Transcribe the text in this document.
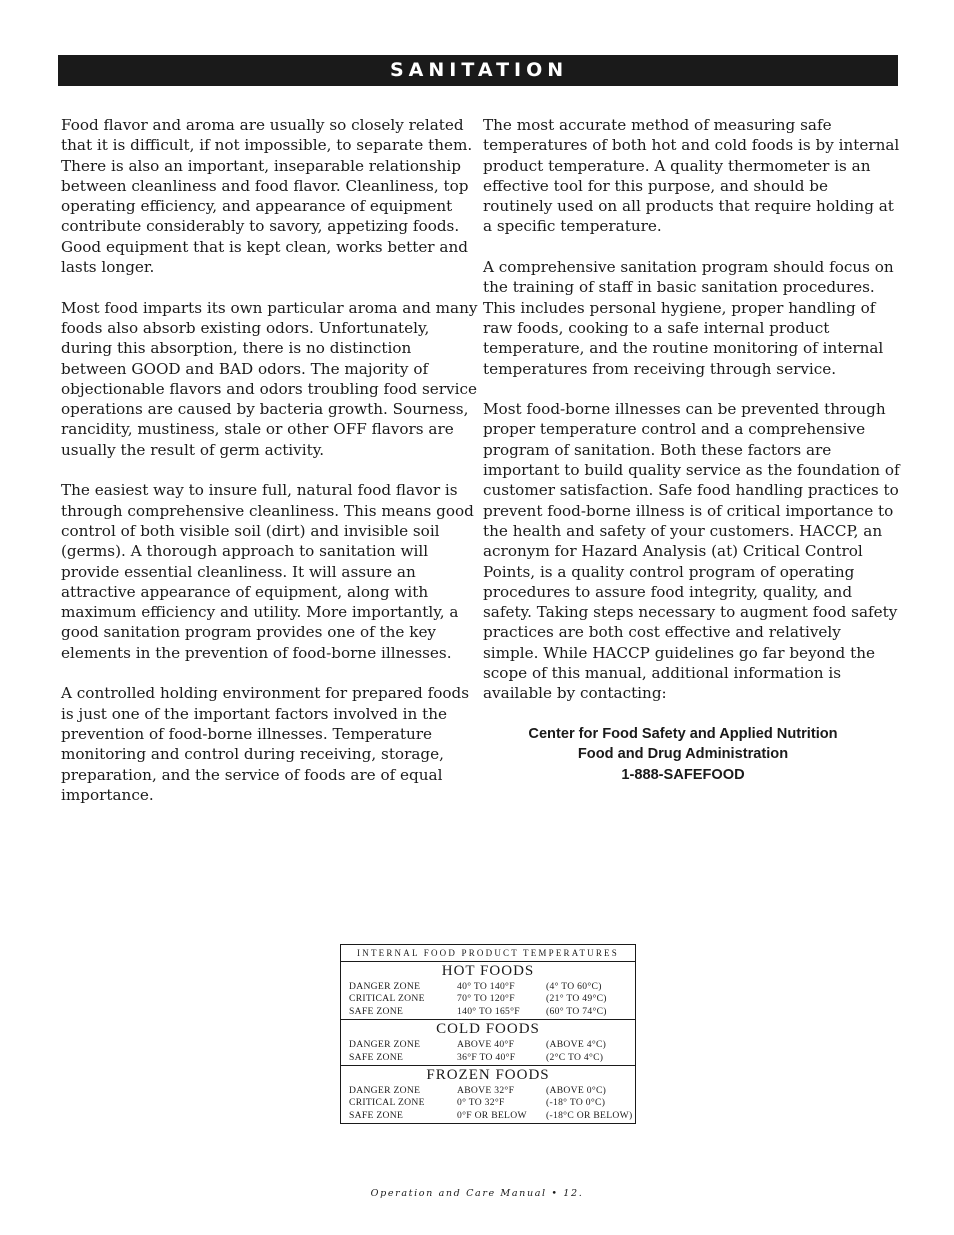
SANITATION

Food flavor and aroma are usually so closely related that it is difficult, if not impossible, to separate them. There is also an important, inseparable relationship between cleanliness and food flavor. Cleanliness, top operating efficiency, and appearance of equipment contribute considerably to savory, appetizing foods. Good equipment that is kept clean, works better and lasts longer.

Most food imparts its own particular aroma and many foods also absorb existing odors. Unfortunately, during this absorption, there is no distinction between GOOD and BAD odors. The majority of objectionable flavors and odors troubling food service operations are caused by bacteria growth. Sourness, rancidity, mustiness, stale or other OFF flavors are usually the result of germ activity.

The easiest way to insure full, natural food flavor is through comprehensive cleanliness. This means good control of both visible soil (dirt) and invisible soil (germs). A thorough approach to sanitation will provide essential cleanliness. It will assure an attractive appearance of equipment, along with maximum efficiency and utility. More importantly, a good sanitation program provides one of the key elements in the prevention of food-borne illnesses.

A controlled holding environment for prepared foods is just one of the important factors involved in the prevention of food-borne illnesses. Temperature monitoring and control during receiving, storage, preparation, and the service of foods are of equal importance.

The most accurate method of measuring safe temperatures of both hot and cold foods is by internal product temperature. A quality thermometer is an effective tool for this purpose, and should be routinely used on all products that require holding at a specific temperature.

A comprehensive sanitation program should focus on the training of staff in basic sanitation procedures. This includes personal hygiene, proper handling of raw foods, cooking to a safe internal product temperature, and the routine monitoring of internal temperatures from receiving through service.

Most food-borne illnesses can be prevented through proper temperature control and a comprehensive program of sanitation. Both these factors are important to build quality service as the foundation of customer satisfaction. Safe food handling practices to prevent food-borne illness is of critical importance to the health and safety of your customers. HACCP, an acronym for Hazard Analysis (at) Critical Control Points, is a quality control program of operating procedures to assure food integrity, quality, and safety. Taking steps necessary to augment food safety practices are both cost effective and relatively simple. While HACCP guidelines go far beyond the scope of this manual, additional information is available by contacting:

Center for Food Safety and Applied Nutrition
Food and Drug Administration
1-888-SAFEFOOD
INTERNAL FOOD PRODUCT TEMPERATURES
HOT FOODS
DANGER ZONE	40° TO 140°F	(4° TO 60°C)
CRITICAL ZONE	70° TO 120°F	(21° TO 49°C)
SAFE ZONE	140° TO 165°F	(60° TO 74°C)
COLD FOODS
DANGER ZONE	ABOVE 40°F	(ABOVE 4°C)
SAFE ZONE	36°F TO 40°F	(2°C TO 4°C)
FROZEN FOODS
DANGER ZONE	ABOVE 32°F	(ABOVE 0°C)
CRITICAL ZONE	0° TO 32°F	(-18° TO 0°C)
SAFE ZONE	0°F OR BELOW	(-18°C OR BELOW)
Operation and Care Manual • 12.
